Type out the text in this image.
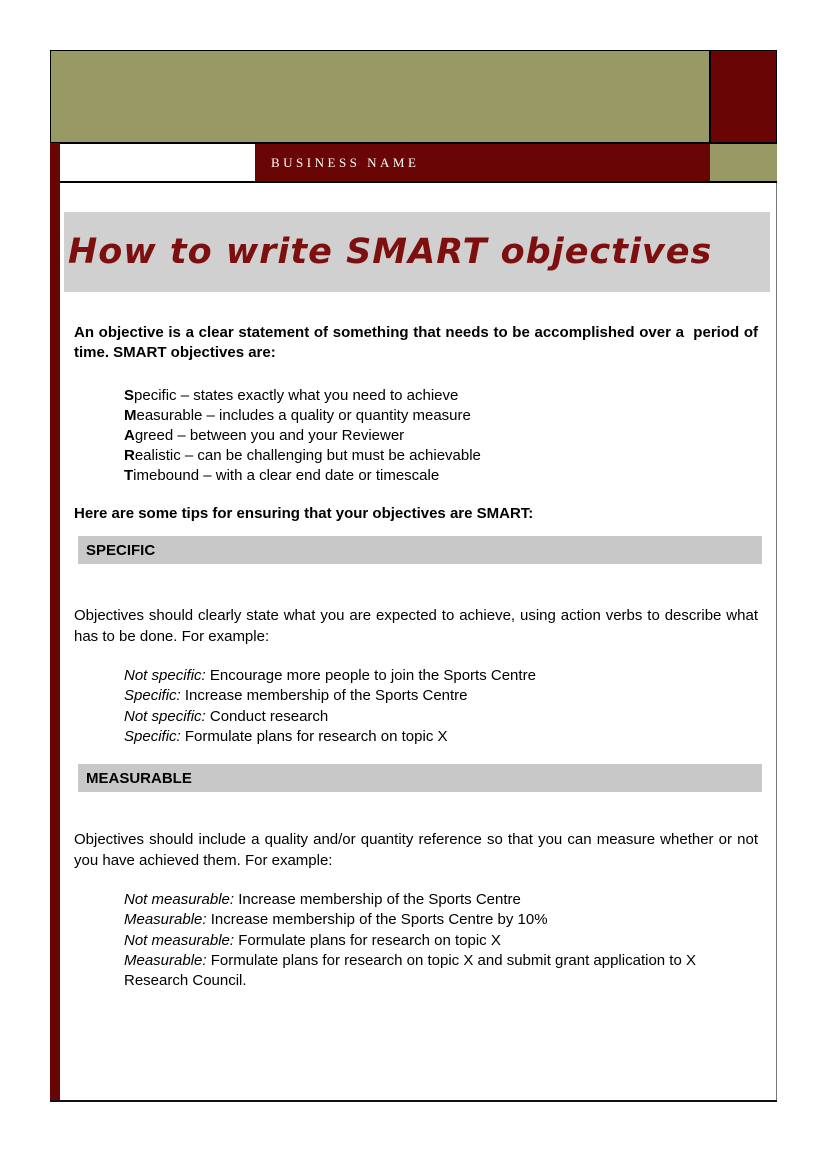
BUSINESS NAME
How to write SMART objectives
An objective is a clear statement of something that needs to be accomplished over a  period of time. SMART objectives are:
Specific – states exactly what you need to achieve
Measurable – includes a quality or quantity measure
Agreed – between you and your Reviewer
Realistic – can be challenging but must be achievable
Timebound – with a clear end date or timescale
Here are some tips for ensuring that your objectives are SMART:
SPECIFIC
Objectives should clearly state what you are expected to achieve, using action verbs to describe what has to be done. For example:
Not specific: Encourage more people to join the Sports Centre
Specific: Increase membership of the Sports Centre
Not specific: Conduct research
Specific: Formulate plans for research on topic X
MEASURABLE
Objectives should include a quality and/or quantity reference so that you can measure whether or not you have achieved them. For example:
Not measurable: Increase membership of the Sports Centre
Measurable: Increase membership of the Sports Centre by 10%
Not measurable: Formulate plans for research on topic X
Measurable: Formulate plans for research on topic X and submit grant application to X Research Council.
